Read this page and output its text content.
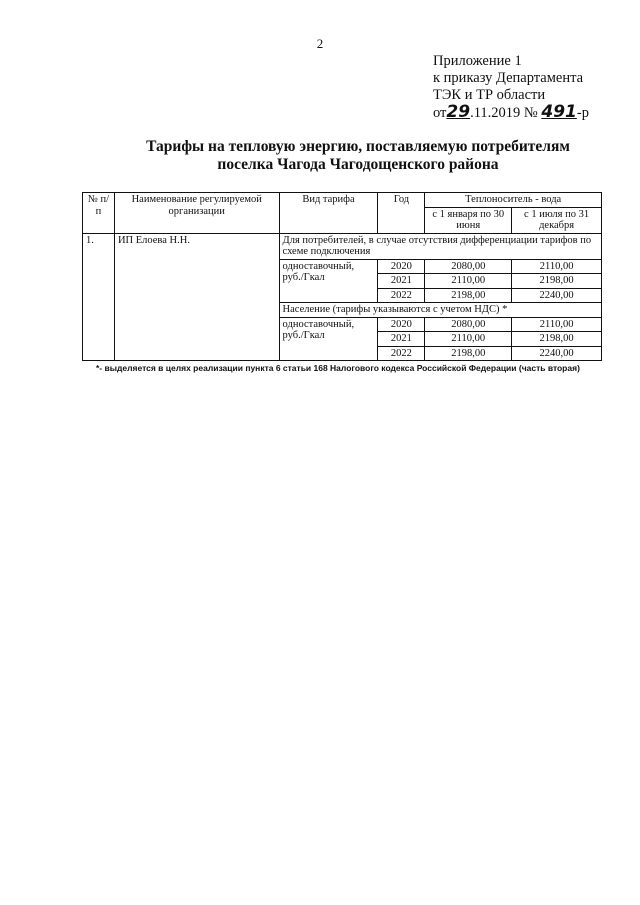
2
Приложение 1
к приказу Департамента
ТЭК и ТР области
от29.11.2019 № 491-р
Тарифы на тепловую энергию, поставляемую потребителям
поселка Чагода Чагодощенского района
№ п/п	Наименование регулируемой организации	Вид тарифа	Год	Теплоноситель - вода	
				с 1 января по 30 июня	с 1 июля по 31 декабря
1.	ИП Елоева Н.Н.	Для потребителей, в случае отсутствия дифференциации тарифов по схеме подключения			
		одноставочный, руб./Гкал	2020	2080,00	2110,00
			2021	2110,00	2198,00
			2022	2198,00	2240,00
		Население (тарифы указываются с учетом НДС) *			
		одноставочный, руб./Гкал	2020	2080,00	2110,00
			2021	2110,00	2198,00
			2022	2198,00	2240,00
*- выделяется в целях реализации пункта 6 статьи 168 Налогового кодекса Российской Федерации (часть вторая)
